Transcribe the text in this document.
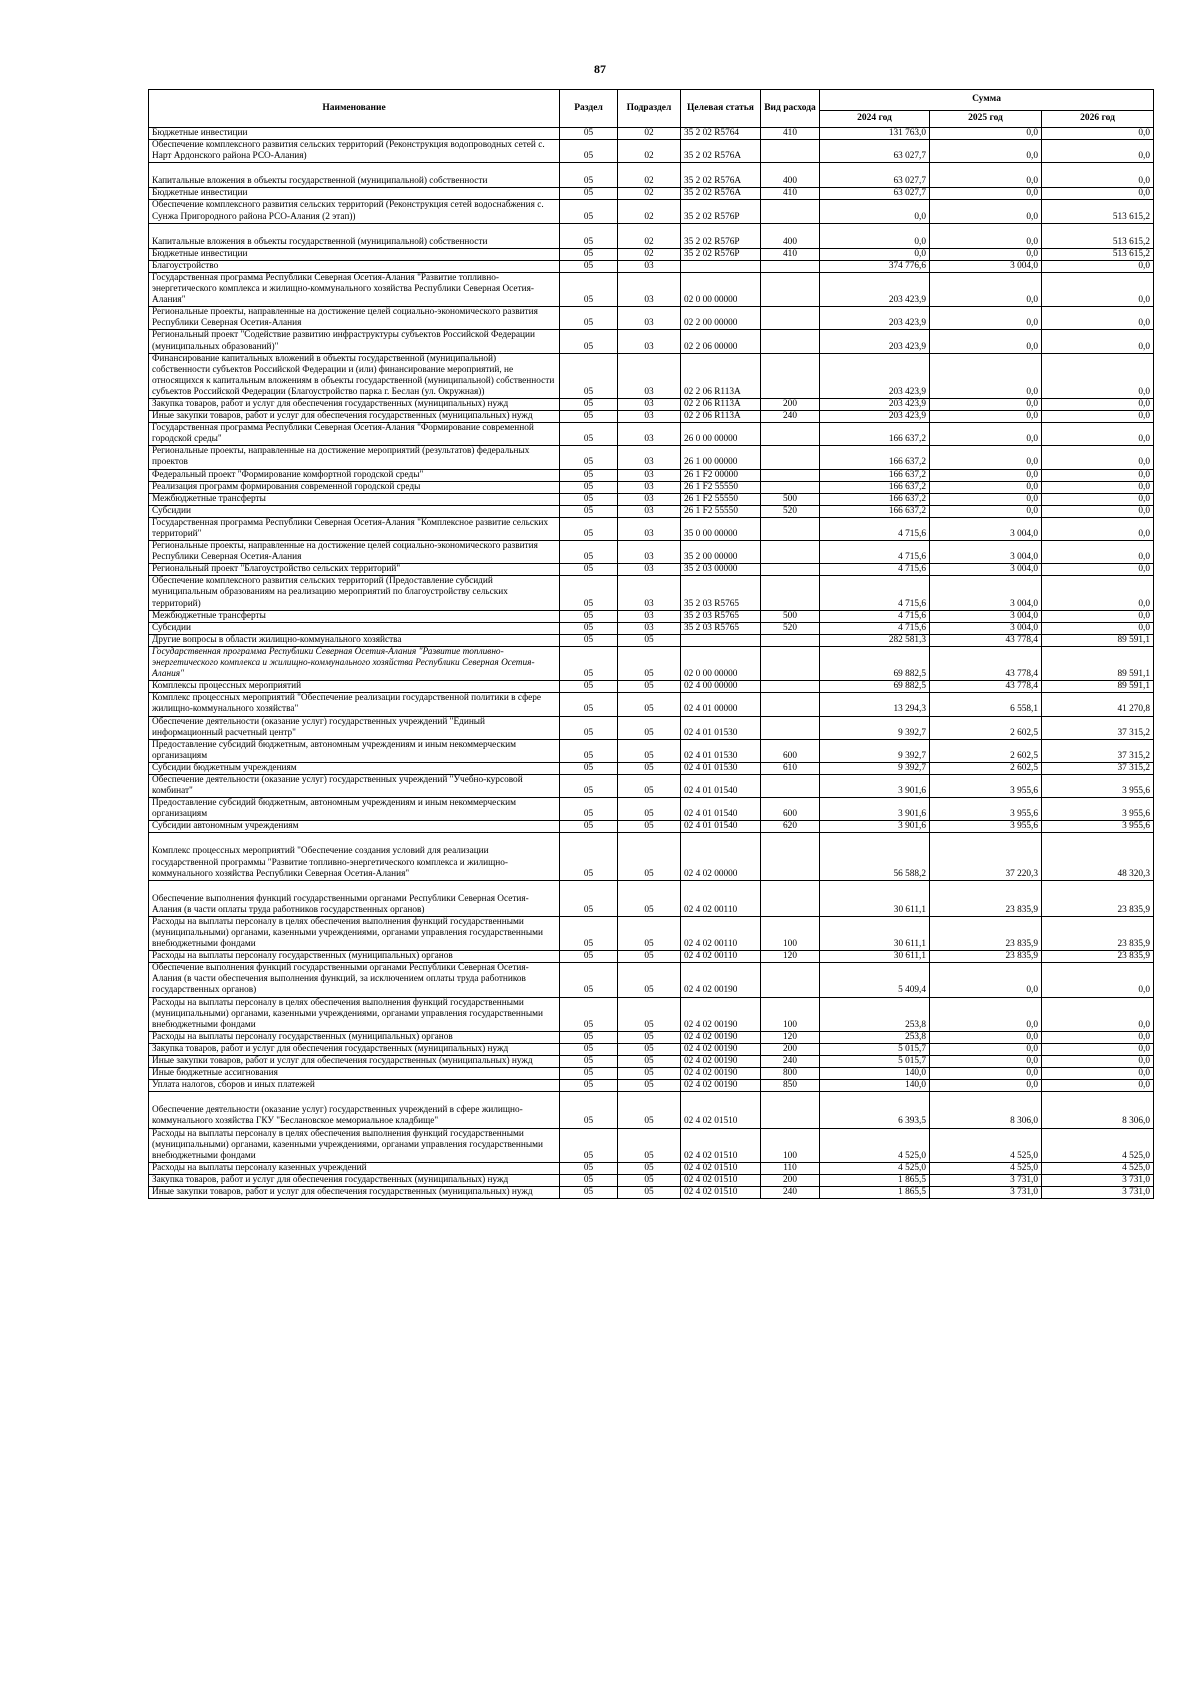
87
Наименование	Раздел	Подраздел	Целевая статья	Вид расхода	Сумма		
					2024 год	2025 год	2026 год
Бюджетные инвестиции	05	02	35 2 02 R5764	410	131 763,0	0,0	0,0
Обеспечение комплексного развития сельских территорий (Реконструкция водопроводных сетей с. Нарт Ардонского района РСО-Алания)	05	02	35 2 02 R576A		63 027,7	0,0	0,0
Капитальные вложения в объекты государственной (муниципальной) собственности	05	02	35 2 02 R576A	400	63 027,7	0,0	0,0
Бюджетные инвестиции	05	02	35 2 02 R576A	410	63 027,7	0,0	0,0
Обеспечение комплексного развития сельских территорий (Реконструкция сетей водоснабжения с. Сунжа Пригородного района РСО-Алания (2 этап))	05	02	35 2 02 R576P		0,0	0,0	513 615,2
Капитальные вложения в объекты государственной (муниципальной) собственности	05	02	35 2 02 R576P	400	0,0	0,0	513 615,2
Бюджетные инвестиции	05	02	35 2 02 R576P	410	0,0	0,0	513 615,2
Благоустройство	05	03			374 776,6	3 004,0	0,0
Государственная программа Республики Северная Осетия-Алания "Развитие топливно-энергетического комплекса и жилищно-коммунального хозяйства Республики Северная Осетия-Алания"	05	03	02 0 00 00000		203 423,9	0,0	0,0
Региональные проекты, направленные на достижение целей социально-экономического развития Республики Северная Осетия-Алания	05	03	02 2 00 00000		203 423,9	0,0	0,0
Региональный проект "Содействие развитию инфраструктуры субъектов Российской Федерации (муниципальных образований)"	05	03	02 2 06 00000		203 423,9	0,0	0,0
Финансирование капитальных вложений в объекты государственной (муниципальной) собственности субъектов Российской Федерации и (или) финансирование мероприятий, не относящихся к капитальным вложениям в объекты государственной (муниципальной) собственности субъектов Российской Федерации (Благоустройство парка г. Беслан (ул. Окружная))	05	03	02 2 06 R113A		203 423,9	0,0	0,0
Закупка товаров, работ и услуг для обеспечения государственных (муниципальных) нужд	05	03	02 2 06 R113A	200	203 423,9	0,0	0,0
Иные закупки товаров, работ и услуг для обеспечения государственных (муниципальных) нужд	05	03	02 2 06 R113A	240	203 423,9	0,0	0,0
Государственная программа Республики Северная Осетия-Алания "Формирование современной городской среды"	05	03	26 0 00 00000		166 637,2	0,0	0,0
Региональные проекты, направленные на достижение мероприятий (результатов) федеральных проектов	05	03	26 1 00 00000		166 637,2	0,0	0,0
Федеральный проект "Формирование комфортной городской среды"	05	03	26 1 F2 00000		166 637,2	0,0	0,0
Реализация программ формирования современной городской среды	05	03	26 1 F2 55550		166 637,2	0,0	0,0
Межбюджетные трансферты	05	03	26 1 F2 55550	500	166 637,2	0,0	0,0
Субсидии	05	03	26 1 F2 55550	520	166 637,2	0,0	0,0
Государственная программа Республики Северная Осетия-Алания "Комплексное развитие сельских территорий"	05	03	35 0 00 00000		4 715,6	3 004,0	0,0
Региональные проекты, направленные на достижение целей социально-экономического развития Республики Северная Осетия-Алания	05	03	35 2 00 00000		4 715,6	3 004,0	0,0
Региональный проект "Благоустройство сельских территорий"	05	03	35 2 03 00000		4 715,6	3 004,0	0,0
Обеспечение комплексного развития сельских территорий (Предоставление субсидий муниципальным образованиям на реализацию мероприятий по благоустройству сельских территорий)	05	03	35 2 03 R5765		4 715,6	3 004,0	0,0
Межбюджетные трансферты	05	03	35 2 03 R5765	500	4 715,6	3 004,0	0,0
Субсидии	05	03	35 2 03 R5765	520	4 715,6	3 004,0	0,0
Другие вопросы в области жилищно-коммунального хозяйства	05	05			282 581,3	43 778,4	89 591,1
Государственная программа Республики Северная Осетия-Алания "Развитие топливно-энергетического комплекса и жилищно-коммунального хозяйства Республики Северная Осетия-Алания"	05	05	02 0 00 00000		69 882,5	43 778,4	89 591,1
Комплексы процессных мероприятий	05	05	02 4 00 00000		69 882,5	43 778,4	89 591,1
Комплекс процессных мероприятий "Обеспечение реализации государственной политики в сфере жилищно-коммунального хозяйства"	05	05	02 4 01 00000		13 294,3	6 558,1	41 270,8
Обеспечение деятельности (оказание услуг) государственных учреждений "Единый информационный расчетный центр"	05	05	02 4 01 01530		9 392,7	2 602,5	37 315,2
Предоставление субсидий бюджетным, автономным учреждениям и иным некоммерческим организациям	05	05	02 4 01 01530	600	9 392,7	2 602,5	37 315,2
Субсидии бюджетным учреждениям	05	05	02 4 01 01530	610	9 392,7	2 602,5	37 315,2
Обеспечение деятельности (оказание услуг) государственных учреждений "Учебно-курсовой комбинат"	05	05	02 4 01 01540		3 901,6	3 955,6	3 955,6
Предоставление субсидий бюджетным, автономным учреждениям и иным некоммерческим организациям	05	05	02 4 01 01540	600	3 901,6	3 955,6	3 955,6
Субсидии автономным учреждениям	05	05	02 4 01 01540	620	3 901,6	3 955,6	3 955,6
Комплекс процессных мероприятий "Обеспечение создания условий для реализации государственной программы "Развитие топливно-энергетического комплекса и жилищно-коммунального хозяйства Республики Северная Осетия-Алания"	05	05	02 4 02 00000		56 588,2	37 220,3	48 320,3
Обеспечение выполнения функций государственными органами Республики Северная Осетия-Алания (в части оплаты труда работников государственных органов)	05	05	02 4 02 00110		30 611,1	23 835,9	23 835,9
Расходы на выплаты персоналу в целях обеспечения выполнения функций государственными (муниципальными) органами, казенными учреждениями, органами управления государственными внебюджетными фондами	05	05	02 4 02 00110	100	30 611,1	23 835,9	23 835,9
Расходы на выплаты персоналу государственных (муниципальных) органов	05	05	02 4 02 00110	120	30 611,1	23 835,9	23 835,9
Обеспечение выполнения функций государственными органами Республики Северная Осетия-Алания (в части обеспечения выполнения функций, за исключением оплаты труда работников государственных органов)	05	05	02 4 02 00190		5 409,4	0,0	0,0
Расходы на выплаты персоналу в целях обеспечения выполнения функций государственными (муниципальными) органами, казенными учреждениями, органами управления государственными внебюджетными фондами	05	05	02 4 02 00190	100	253,8	0,0	0,0
Расходы на выплаты персоналу государственных (муниципальных) органов	05	05	02 4 02 00190	120	253,8	0,0	0,0
Закупка товаров, работ и услуг для обеспечения государственных (муниципальных) нужд	05	05	02 4 02 00190	200	5 015,7	0,0	0,0
Иные закупки товаров, работ и услуг для обеспечения государственных (муниципальных) нужд	05	05	02 4 02 00190	240	5 015,7	0,0	0,0
Иные бюджетные ассигнования	05	05	02 4 02 00190	800	140,0	0,0	0,0
Уплата налогов, сборов и иных платежей	05	05	02 4 02 00190	850	140,0	0,0	0,0
Обеспечение деятельности (оказание услуг) государственных учреждений в сфере жилищно-коммунального хозяйства ГКУ "Беслановское мемориальное кладбище"	05	05	02 4 02 01510		6 393,5	8 306,0	8 306,0
Расходы на выплаты персоналу в целях обеспечения выполнения функций государственными (муниципальными) органами, казенными учреждениями, органами управления государственными внебюджетными фондами	05	05	02 4 02 01510	100	4 525,0	4 525,0	4 525,0
Расходы на выплаты персоналу казенных учреждений	05	05	02 4 02 01510	110	4 525,0	4 525,0	4 525,0
Закупка товаров, работ и услуг для обеспечения государственных (муниципальных) нужд	05	05	02 4 02 01510	200	1 865,5	3 731,0	3 731,0
Иные закупки товаров, работ и услуг для обеспечения государственных (муниципальных) нужд	05	05	02 4 02 01510	240	1 865,5	3 731,0	3 731,0
